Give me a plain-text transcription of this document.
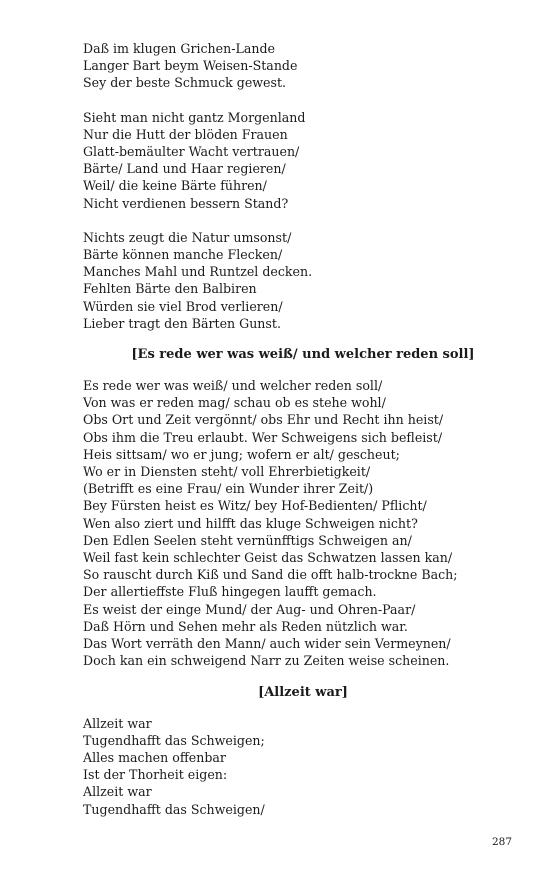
Daß im klugen Grichen-Lande
Langer Bart beym Weisen-Stande
Sey der beste Schmuck gewest.
Sieht man nicht gantz Morgenland
Nur die Hutt der blöden Frauen
Glatt-bemäulter Wacht vertrauen/
Bärte/ Land und Haar regieren/
Weil/ die keine Bärte führen/
Nicht verdienen bessern Stand?
Nichts zeugt die Natur umsonst/
Bärte können manche Flecken/
Manches Mahl und Runtzel decken.
Fehlten Bärte den Balbiren
Würden sie viel Brod verlieren/
Lieber tragt den Bärten Gunst.
[Es rede wer was weiß/ und welcher reden soll]
Es rede wer was weiß/ und welcher reden soll/
Von was er reden mag/ schau ob es stehe wohl/
Obs Ort und Zeit vergönnt/ obs Ehr und Recht ihn heist/
Obs ihm die Treu erlaubt. Wer Schweigens sich befleist/
Heis sittsam/ wo er jung; wofern er alt/ gescheut;
Wo er in Diensten steht/ voll Ehrerbietigkeit/
(Betrifft es eine Frau/ ein Wunder ihrer Zeit/)
Bey Fürsten heist es Witz/ bey Hof-Bedienten/ Pflicht/
Wen also ziert und hilfft das kluge Schweigen nicht?
Den Edlen Seelen steht vernünfftigs Schweigen an/
Weil fast kein schlechter Geist das Schwatzen lassen kan/
So rauscht durch Kiß und Sand die offt halb-trockne Bach;
Der allertieffste Fluß hingegen laufft gemach.
Es weist der einge Mund/ der Aug- und Ohren-Paar/
Daß Hörn und Sehen mehr als Reden nützlich war.
Das Wort verräth den Mann/ auch wider sein Vermeynen/
Doch kan ein schweigend Narr zu Zeiten weise scheinen.
[Allzeit war]
Allzeit war
Tugendhafft das Schweigen;
Alles machen offenbar
Ist der Thorheit eigen:
Allzeit war
Tugendhafft das Schweigen/
287
